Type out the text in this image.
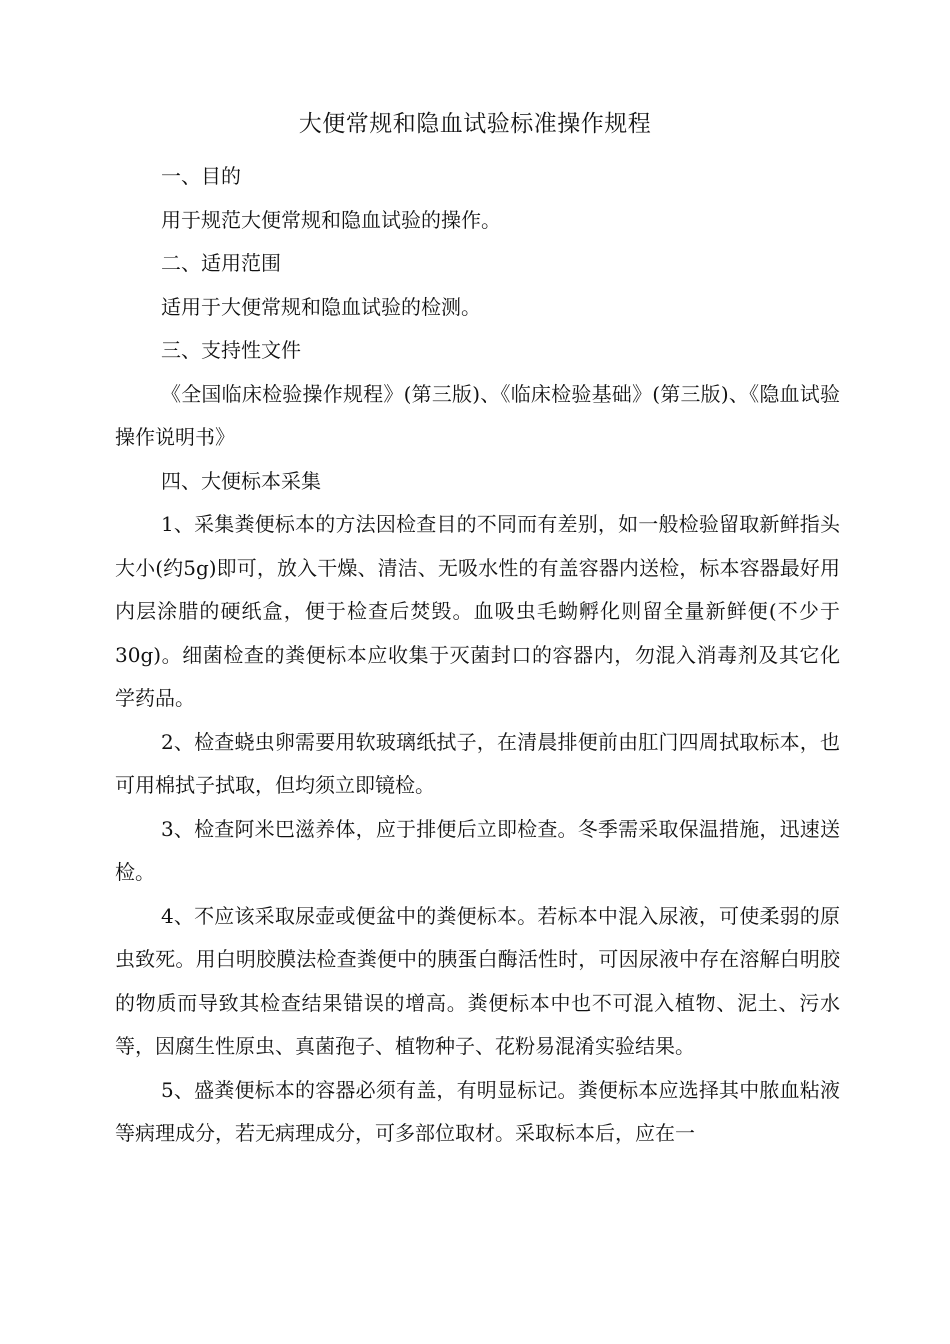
大便常规和隐血试验标准操作规程

一、目的

用于规范大便常规和隐血试验的操作。

二、适用范围

适用于大便常规和隐血试验的检测。

三、支持性文件

《全国临床检验操作规程》(第三版)、《临床检验基础》(第三版)、《隐血试验操作说明书》

四、大便标本采集

1、采集粪便标本的方法因检查目的不同而有差别，如一般检验留取新鲜指头大小(约5g)即可，放入干燥、清洁、无吸水性的有盖容器内送检，标本容器最好用内层涂腊的硬纸盒，便于检查后焚毁。血吸虫毛蚴孵化则留全量新鲜便(不少于30g)。细菌检查的粪便标本应收集于灭菌封口的容器内，勿混入消毒剂及其它化学药品。

2、检查蛲虫卵需要用软玻璃纸拭子，在清晨排便前由肛门四周拭取标本，也可用棉拭子拭取，但均须立即镜检。

3、检查阿米巴滋养体，应于排便后立即检查。冬季需采取保温措施，迅速送检。

4、不应该采取尿壶或便盆中的粪便标本。若标本中混入尿液，可使柔弱的原虫致死。用白明胶膜法检查粪便中的胰蛋白酶活性时，可因尿液中存在溶解白明胶的物质而导致其检查结果错误的增高。粪便标本中也不可混入植物、泥土、污水等，因腐生性原虫、真菌孢子、植物种子、花粉易混淆实验结果。

5、盛粪便标本的容器必须有盖，有明显标记。粪便标本应选择其中脓血粘液等病理成分，若无病理成分，可多部位取材。采取标本后，应在一
